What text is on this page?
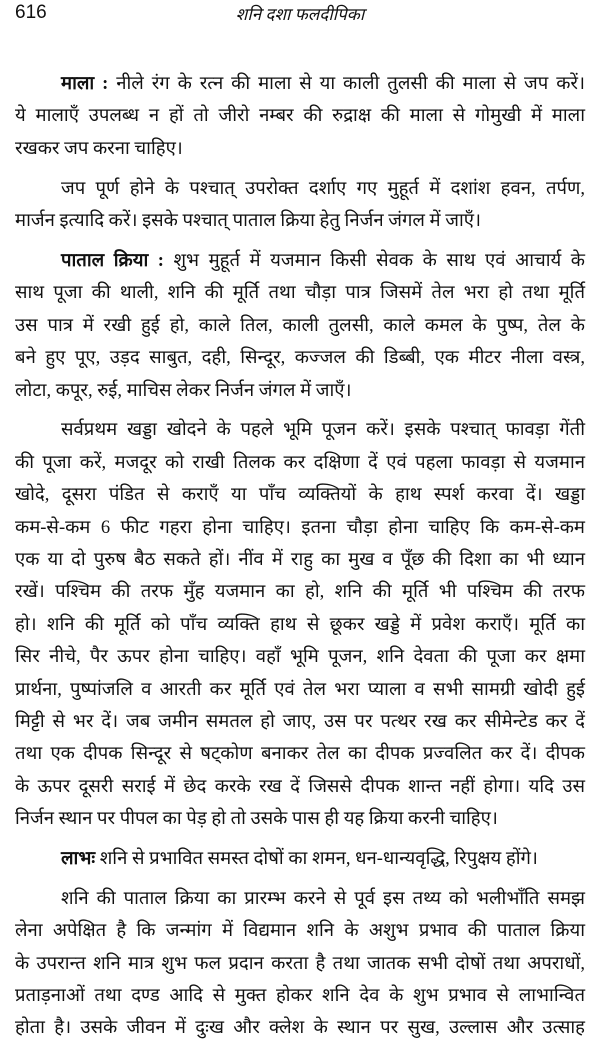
616	शनि दशा फलदीपिका
माला : नीले रंग के रत्न की माला से या काली तुलसी की माला से जप करें।
ये मालाएँ उपलब्ध न हों तो जीरो नम्बर की रुद्राक्ष की माला से गोमुखी में माला
रखकर जप करना चाहिए।
जप पूर्ण होने के पश्चात् उपरोक्त दर्शाए गए मुहूर्त में दशांश हवन, तर्पण,
मार्जन इत्यादि करें। इसके पश्चात् पाताल क्रिया हेतु निर्जन जंगल में जाएँ।
पाताल क्रिया : शुभ मुहूर्त में यजमान किसी सेवक के साथ एवं आचार्य के
साथ पूजा की थाली, शनि की मूर्ति तथा चौड़ा पात्र जिसमें तेल भरा हो तथा मूर्ति
उस पात्र में रखी हुई हो, काले तिल, काली तुलसी, काले कमल के पुष्प, तेल के
बने हुए पूए, उड़द साबुत, दही, सिन्दूर, कज्जल की डिब्बी, एक मीटर नीला वस्त्र,
लोटा, कपूर, रुई, माचिस लेकर निर्जन जंगल में जाएँ।
सर्वप्रथम खड्डा खोदने के पहले भूमि पूजन करें। इसके पश्चात् फावड़ा गेंती
की पूजा करें, मजदूर को राखी तिलक कर दक्षिणा दें एवं पहला फावड़ा से यजमान
खोदे, दूसरा पंडित से कराएँ या पाँच व्यक्तियों के हाथ स्पर्श करवा दें। खड्डा
कम-से-कम 6 फीट गहरा होना चाहिए। इतना चौड़ा होना चाहिए कि कम-से-कम
एक या दो पुरुष बैठ सकते हों। नींव में राहु का मुख व पूँछ की दिशा का भी ध्यान
रखें। पश्चिम की तरफ मुँह यजमान का हो, शनि की मूर्ति भी पश्चिम की तरफ
हो। शनि की मूर्ति को पाँच व्यक्ति हाथ से छूकर खड्डे में प्रवेश कराएँ। मूर्ति का
सिर नीचे, पैर ऊपर होना चाहिए। वहाँ भूमि पूजन, शनि देवता की पूजा कर क्षमा
प्रार्थना, पुष्पांजलि व आरती कर मूर्ति एवं तेल भरा प्याला व सभी सामग्री खोदी हुई
मिट्टी से भर दें। जब जमीन समतल हो जाए, उस पर पत्थर रख कर सीमेन्टेड कर दें
तथा एक दीपक सिन्दूर से षट्कोण बनाकर तेल का दीपक प्रज्वलित कर दें। दीपक
के ऊपर दूसरी सराई में छेद करके रख दें जिससे दीपक शान्त नहीं होगा। यदि उस
निर्जन स्थान पर पीपल का पेड़ हो तो उसके पास ही यह क्रिया करनी चाहिए।
लाभः शनि से प्रभावित समस्त दोषों का शमन, धन-धान्यवृद्धि, रिपुक्षय होंगे।
शनि की पाताल क्रिया का प्रारम्भ करने से पूर्व इस तथ्य को भलीभाँति समझ
लेना अपेक्षित है कि जन्मांग में विद्यमान शनि के अशुभ प्रभाव की पाताल क्रिया
के उपरान्त शनि मात्र शुभ फल प्रदान करता है तथा जातक सभी दोषों तथा अपराधों,
प्रताड़नाओं तथा दण्ड आदि से मुक्त होकर शनि देव के शुभ प्रभाव से लाभान्वित
होता है। उसके जीवन में दुःख और क्लेश के स्थान पर सुख, उल्लास और उत्साह
